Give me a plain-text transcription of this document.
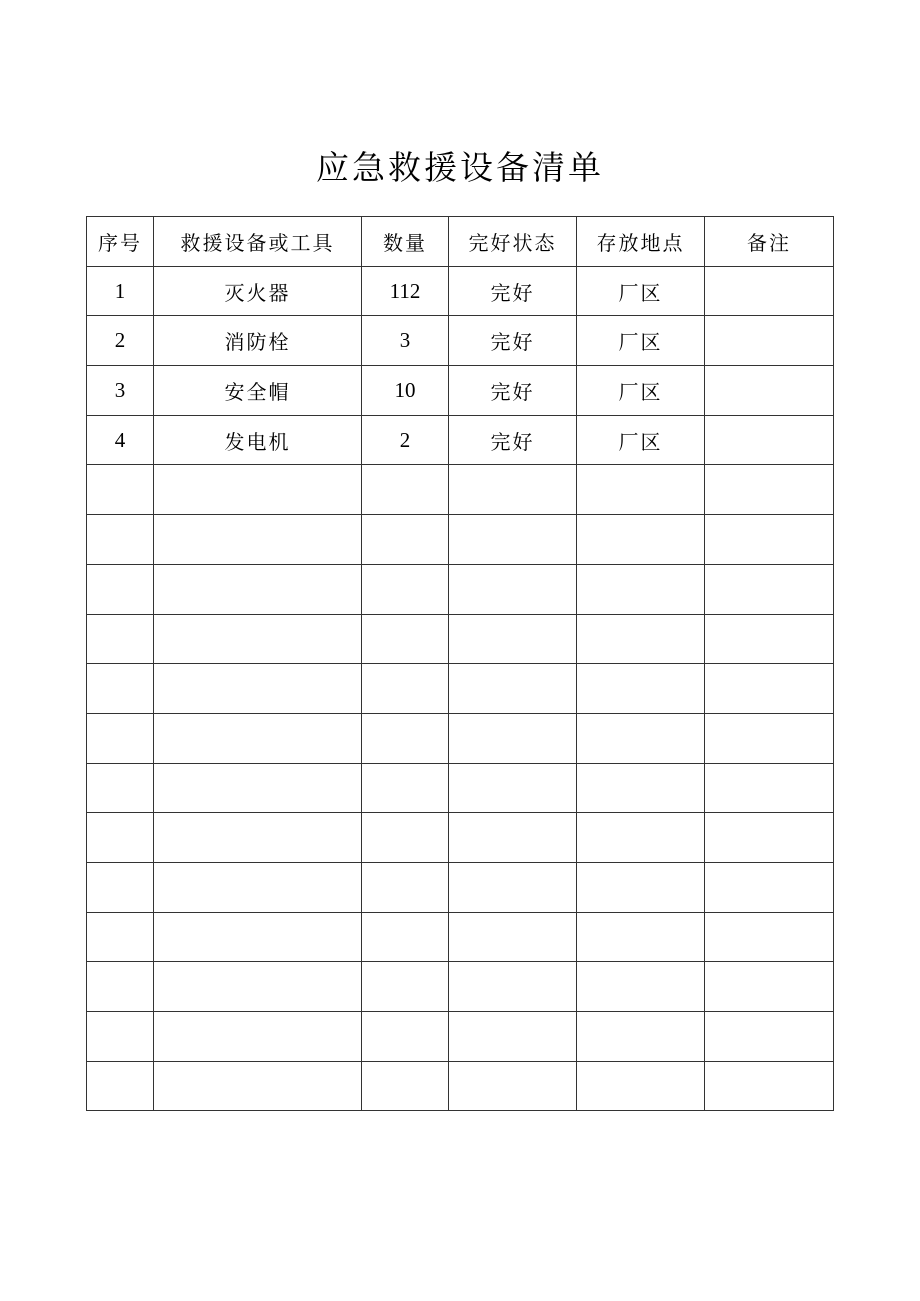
应急救援设备清单
序号	救援设备或工具	数量	完好状态	存放地点	备注
1	灭火器	112	完好	厂区	
2	消防栓	3	完好	厂区	
3	安全帽	10	完好	厂区	
4	发电机	2	完好	厂区	
